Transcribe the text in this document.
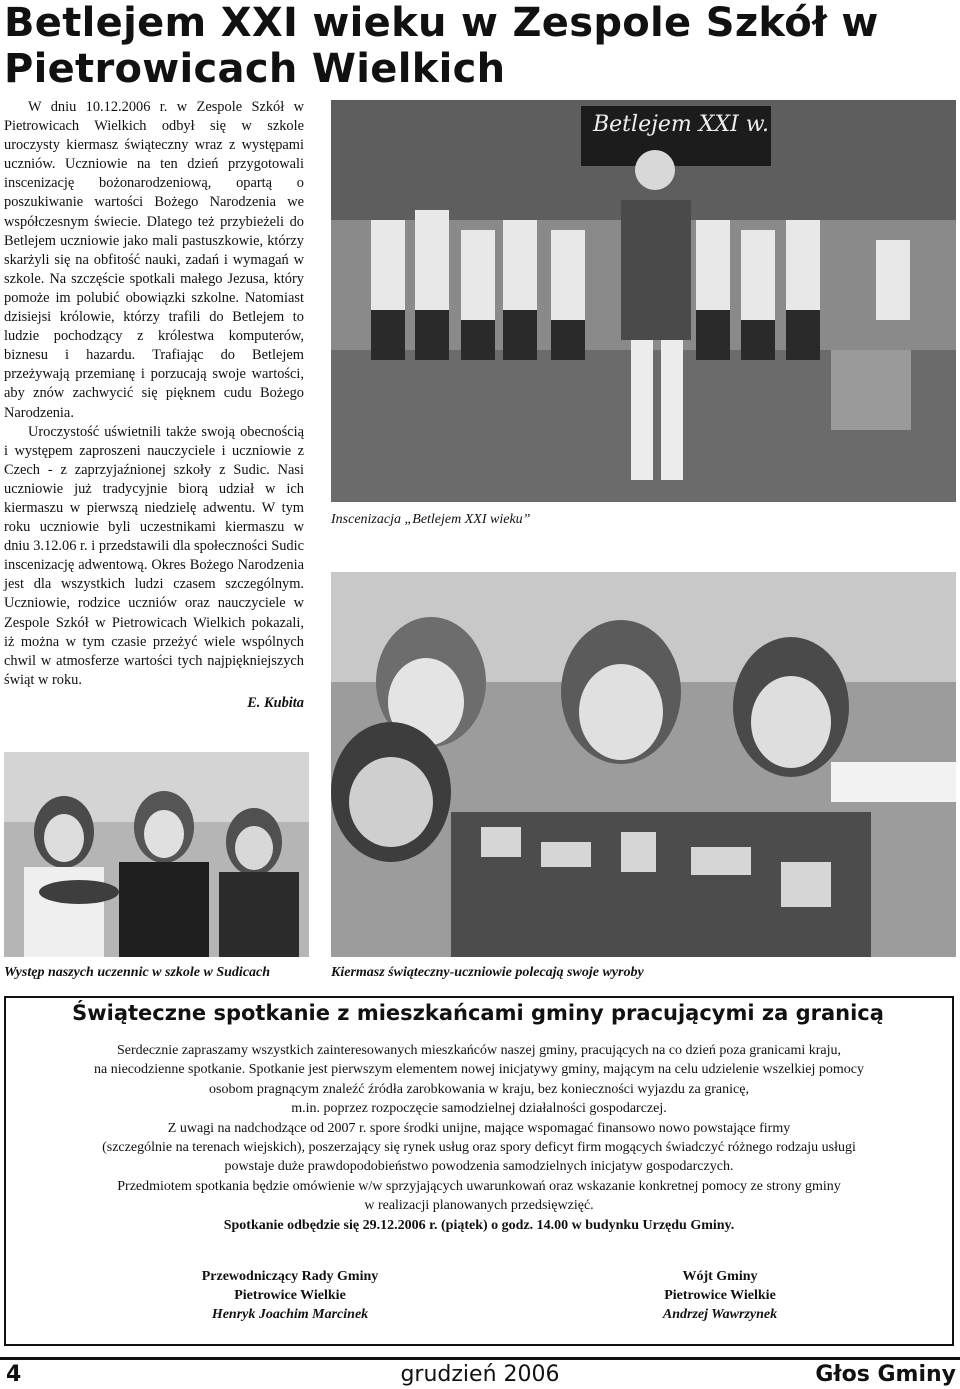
Betlejem XXI wieku w Zespole Szkół w Pietrowicach Wielkich

W dniu 10.12.2006 r. w Zespole Szkół w Pietrowicach Wielkich odbył się w szkole uroczysty kiermasz świąteczny wraz z występami uczniów. Uczniowie na ten dzień przygotowali inscenizację bożonarodzeniową, opartą o poszukiwanie wartości Bożego Narodzenia we współczesnym świecie. Dlatego też przybieżeli do Betlejem uczniowie jako mali pastuszkowie, którzy skarżyli się na obfitość nauki, zadań i wymagań w szkole. Na szczęście spotkali małego Jezusa, który pomoże im polubić obowiązki szkolne. Natomiast dzisiejsi królowie, którzy trafili do Betlejem to ludzie pochodzący z królestwa komputerów, biznesu i hazardu. Trafiając do Betlejem przeżywają przemianę i porzucają swoje wartości, aby znów zachwycić się pięknem cudu Bożego Narodzenia.

Uroczystość uświetnili także swoją obecnością i występem zaproszeni nauczyciele i uczniowie z Czech - z zaprzyjaźnionej szkoły z Sudic. Nasi uczniowie już tradycyjnie biorą udział w ich kiermaszu w pierwszą niedzielę adwentu. W tym roku uczniowie byli uczestnikami kiermaszu w dniu 3.12.06 r. i przedstawili dla społeczności Sudic inscenizację adwentową. Okres Bożego Narodzenia jest dla wszystkich ludzi czasem szczególnym. Uczniowie, rodzice uczniów oraz nauczyciele w Zespole Szkół w Pietrowicach Wielkich pokazali, iż można w tym czasie przeżyć wiele wspólnych chwil w atmosferze wartości tych najpiękniejszych świąt w roku.

E. Kubita
Betlejem XXI w.
Inscenizacja „Betlejem XXI wieku”
Występ naszych uczennic w szkole w Sudicach	Kiermasz świąteczny-uczniowie polecają swoje wyroby
Świąteczne spotkanie z mieszkańcami gminy pracującymi za granicą
Serdecznie zapraszamy wszystkich zainteresowanych mieszkańców naszej gminy, pracujących na co dzień poza granicami kraju,
na niecodzienne spotkanie. Spotkanie jest pierwszym elementem nowej inicjatywy gminy, mającym na celu udzielenie wszelkiej pomocy
osobom pragnącym znaleźć źródła zarobkowania w kraju, bez konieczności wyjazdu za granicę,
m.in. poprzez rozpoczęcie samodzielnej działalności gospodarczej.
Z uwagi na nadchodzące od 2007 r. spore środki unijne, mające wspomagać finansowo nowo powstające firmy
(szczególnie na terenach wiejskich), poszerzający się rynek usług oraz spory deficyt firm mogących świadczyć różnego rodzaju usługi
powstaje duże prawdopodobieństwo powodzenia samodzielnych inicjatyw gospodarczych.
Przedmiotem spotkania będzie omówienie w/w sprzyjających uwarunkowań oraz wskazanie konkretnej pomocy ze strony gminy
w realizacji planowanych przedsięwzięć.
Spotkanie odbędzie się 29.12.2006 r. (piątek) o godz. 14.00 w budynku Urzędu Gminy.
Przewodniczący Rady Gminy
Pietrowice Wielkie
Henryk Joachim Marcinek
Wójt Gminy
Pietrowice Wielkie
Andrzej Wawrzynek
4	grudzień 2006	Głos Gminy
